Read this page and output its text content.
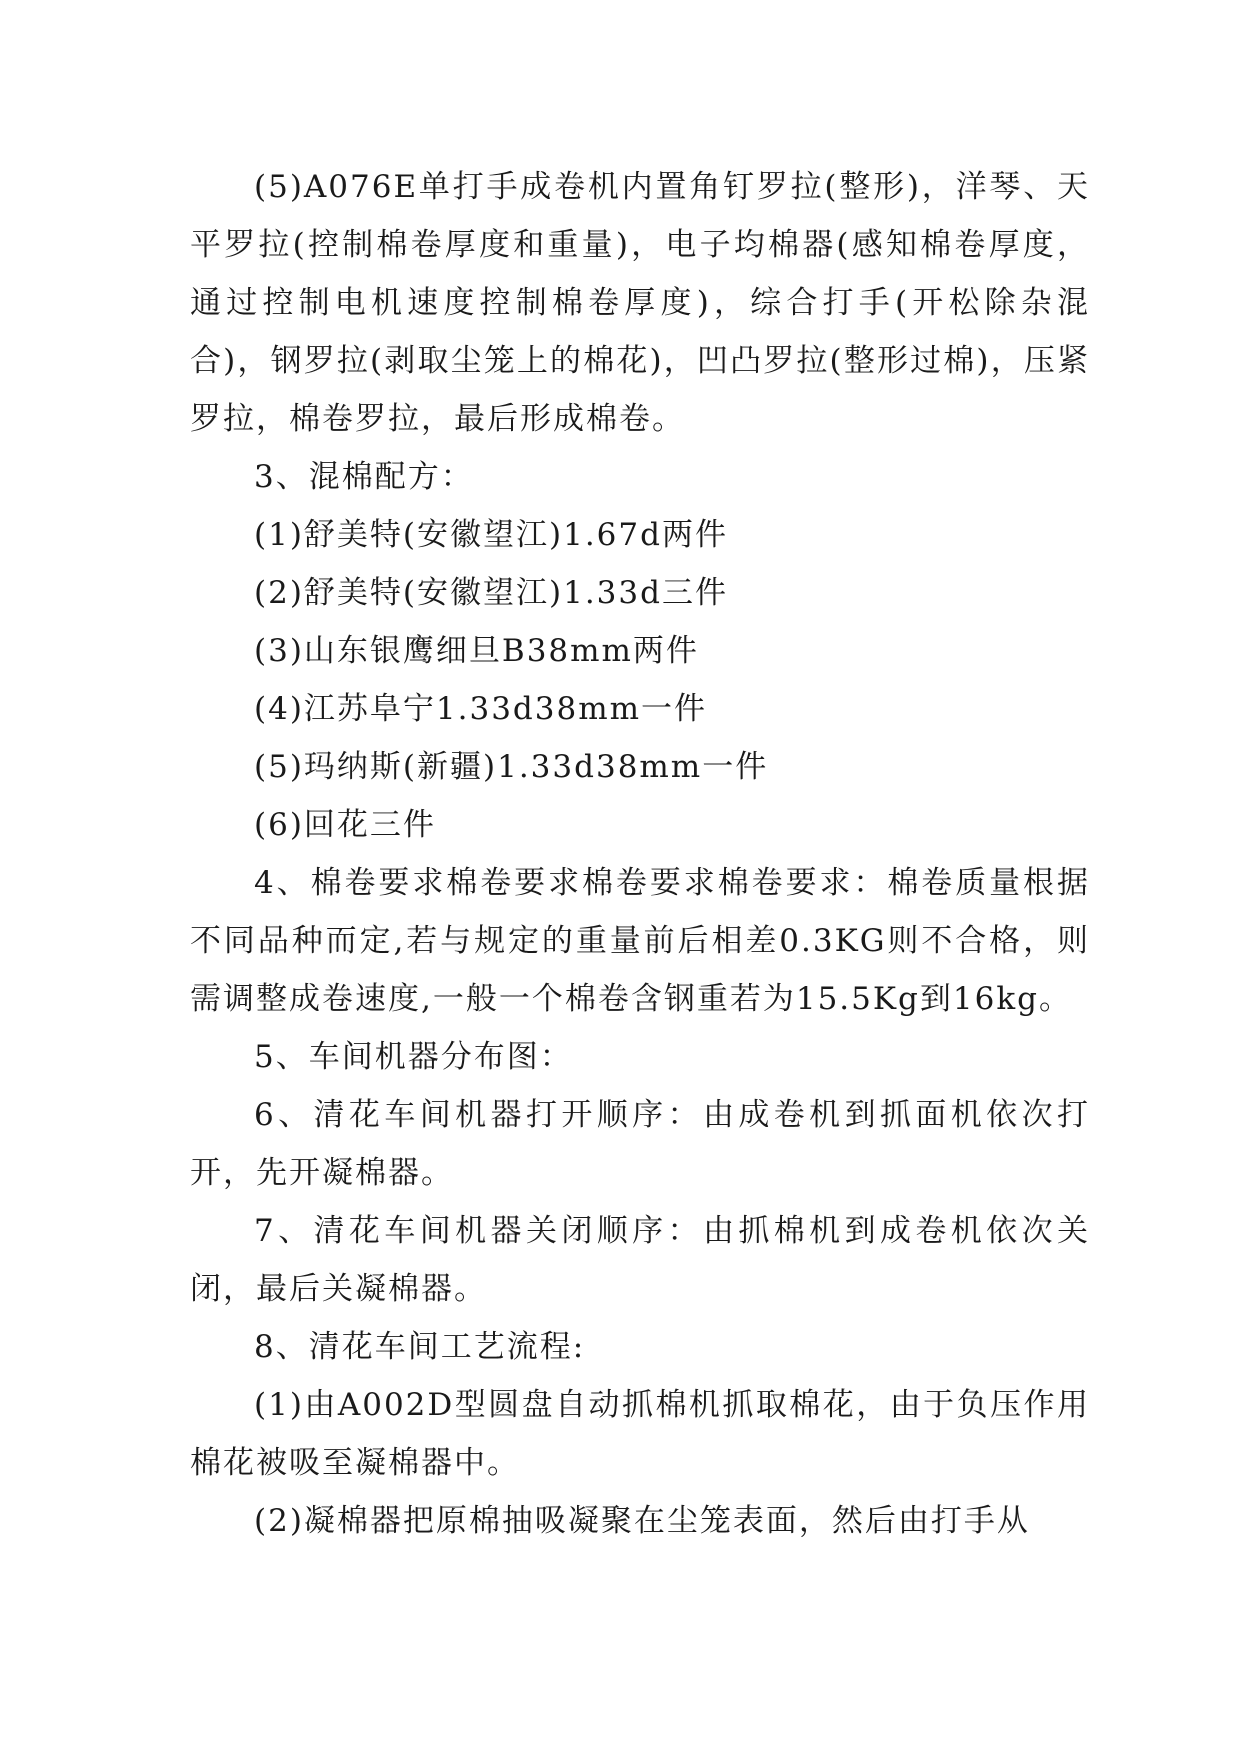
(5)A076E单打手成卷机内置角钉罗拉(整形)，洋琴、天平罗拉(控制棉卷厚度和重量)，电子均棉器(感知棉卷厚度，通过控制电机速度控制棉卷厚度)，综合打手(开松除杂混合)，钢罗拉(剥取尘笼上的棉花)，凹凸罗拉(整形过棉)，压紧罗拉，棉卷罗拉，最后形成棉卷。

3、混棉配方：

(1)舒美特(安徽望江)1.67d两件

(2)舒美特(安徽望江)1.33d三件

(3)山东银鹰细旦B38mm两件

(4)江苏阜宁1.33d38mm一件

(5)玛纳斯(新疆)1.33d38mm一件

(6)回花三件

4、棉卷要求棉卷要求棉卷要求棉卷要求：棉卷质量根据不同品种而定,若与规定的重量前后相差0.3KG则不合格，则需调整成卷速度,一般一个棉卷含钢重若为15.5Kg到16kg。

5、车间机器分布图：

6、清花车间机器打开顺序：由成卷机到抓面机依次打开，先开凝棉器。

7、清花车间机器关闭顺序：由抓棉机到成卷机依次关闭，最后关凝棉器。

8、清花车间工艺流程:

(1)由A002D型圆盘自动抓棉机抓取棉花，由于负压作用棉花被吸至凝棉器中。

(2)凝棉器把原棉抽吸凝聚在尘笼表面，然后由打手从
